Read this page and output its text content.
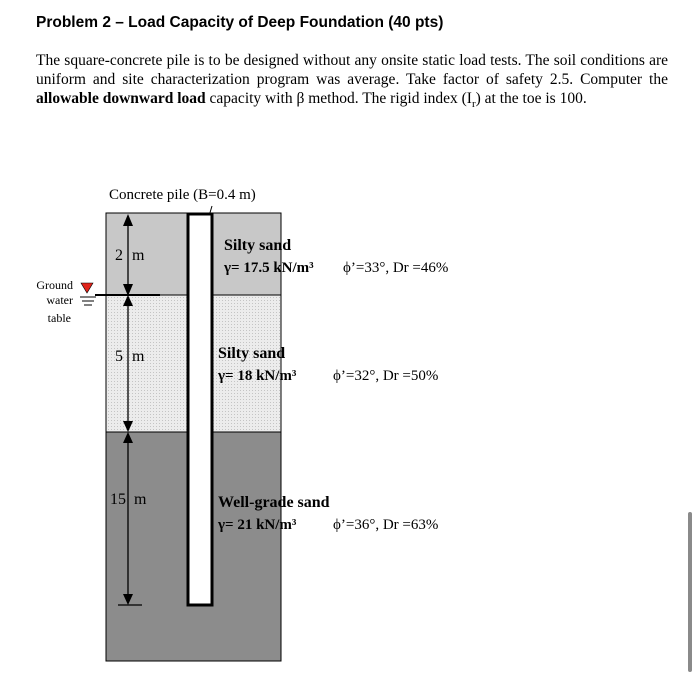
Problem 2 – Load Capacity of Deep Foundation (40 pts)
The square-concrete pile is to be designed without any onsite static load tests. The soil conditions are uniform and site characterization program was average. Take factor of safety 2.5. Computer the allowable downward load capacity with β method. The rigid index $(I_r)$ at the toe is 100.
Concrete pile (B=0.4 m)
Ground
water
table
2 m
5 m
15 m
Silty sand
γ= 17.5 kN/m³ ϕ’=33°, Dr =46%
Silty sand
γ= 18 kN/m³ ϕ’=32°, Dr =50%
Well-grade sand
γ= 21 kN/m³ ϕ’=36°, Dr =63%
